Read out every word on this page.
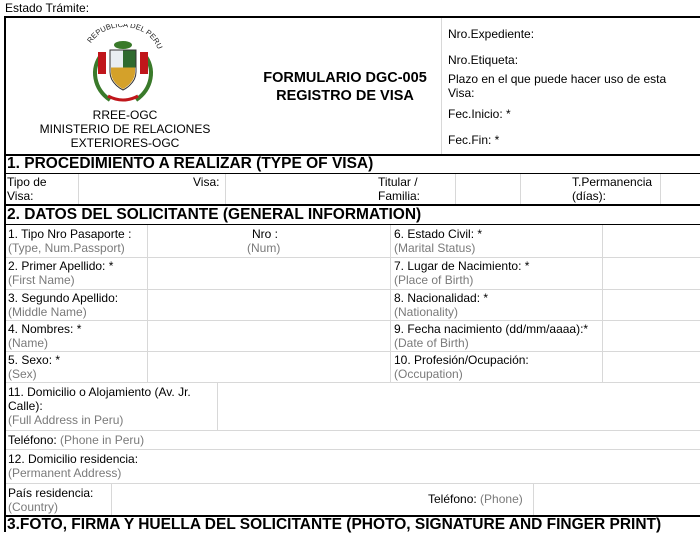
Estado Trámite:
REPUBLICA DEL PERU
RREE-OGC
MINISTERIO DE RELACIONES
EXTERIORES-OGC
FORMULARIO DGC-005
REGISTRO DE VISA
Nro.Expediente:
Nro.Etiqueta:
Plazo en el que puede hacer uso de esta
Visa:
Fec.Inicio: *
Fec.Fin: *
1. PROCEDIMIENTO A REALIZAR (TYPE OF VISA)
Tipo de
Visa:
Visa:	Titular /
Familia:
T.Permanencia
(días):
2. DATOS DEL SOLICITANTE (GENERAL INFORMATION)
1. Tipo Nro Pasaporte :
(Type, Num.Passport)
Nro :
(Num)
6. Estado Civil: *
(Marital Status)
2. Primer Apellido: *
(First Name)
7. Lugar de Nacimiento: *
(Place of Birth)
3. Segundo Apellido:
(Middle Name)
8. Nacionalidad: *
(Nationality)
4. Nombres: *
(Name)
9. Fecha nacimiento (dd/mm/aaaa):*
(Date of Birth)
5. Sexo: *
(Sex)
10. Profesión/Ocupación:
(Occupation)
11. Domicilio o Alojamiento (Av. Jr.
Calle):
(Full Address in Peru)
Teléfono: (Phone in Peru)
12. Domicilio residencia:
(Permanent Address)
País residencia:
(Country)
Teléfono: (Phone)
3.FOTO, FIRMA Y HUELLA DEL SOLICITANTE (PHOTO, SIGNATURE AND FINGER PRINT)
